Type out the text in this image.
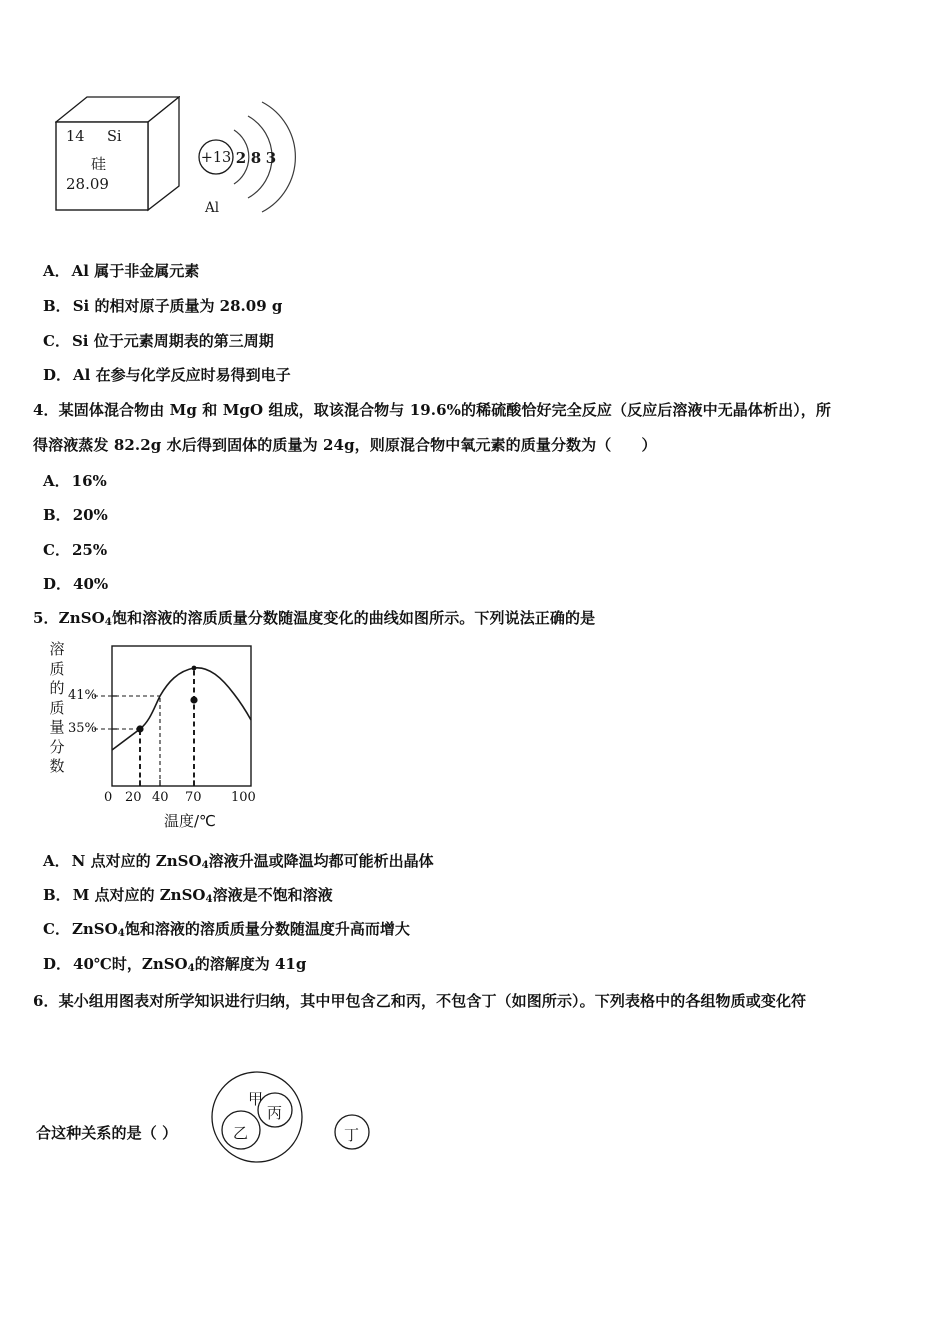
14 Si
硅
28.09
+13 2 8 3
Al
A． Al 属于非金属元素
B． Si 的相对原子质量为 28.09 g
C． Si 位于元素周期表的第三周期
D． Al 在参与化学反应时易得到电子
4．某固体混合物由 Mg 和 MgO 组成，取该混合物与 19.6%的稀硫酸恰好完全反应（反应后溶液中无晶体析出），所
得溶液蒸发 82.2g 水后得到固体的质量为 24g，则原混合物中氧元素的质量分数为（　　）
A． 16%
B． 20%
C． 25%
D． 40%
5．ZnSO$_4$饱和溶液的溶质质量分数随温度变化的曲线如图所示。下列说法正确的是
溶
质
的
质
量
分
数
41%
35%
0 20 40 70 100
温度/℃
A． N 点对应的 ZnSO$_4$溶液升温或降温均都可能析出晶体
B． M 点对应的 ZnSO$_4$溶液是不饱和溶液
C． ZnSO$_4$饱和溶液的溶质质量分数随温度升高而增大
D． 40℃时，ZnSO$_4$的溶解度为 41g
6．某小组用图表对所学知识进行归纳，其中甲包含乙和丙，不包含丁（如图所示）。下列表格中的各组物质或变化符
合这种关系的是（ ）
甲
乙
丙
丁
